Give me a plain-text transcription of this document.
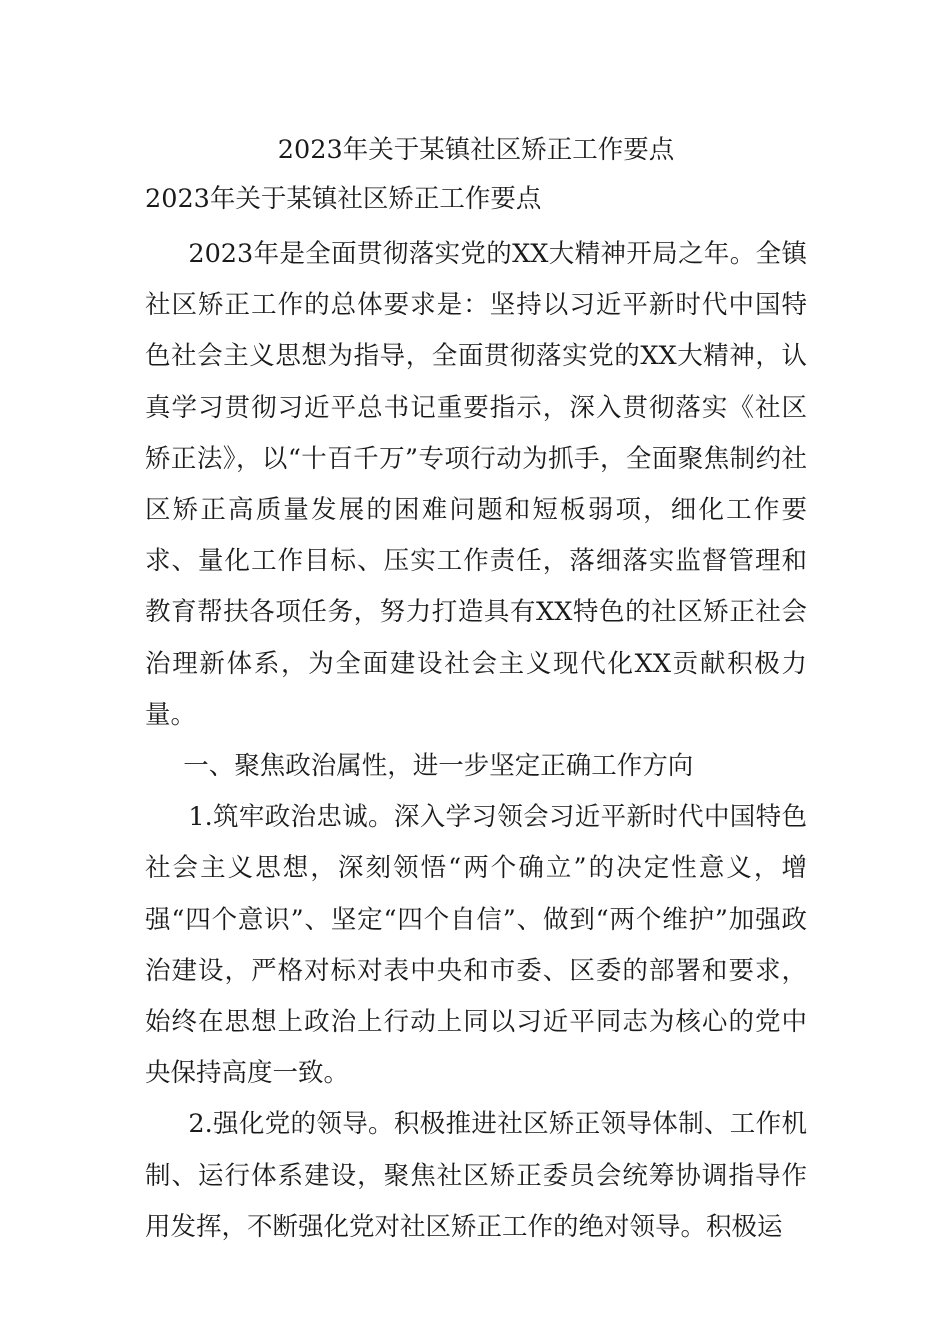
2023年关于某镇社区矫正工作要点
2023年关于某镇社区矫正工作要点

2023年是全面贯彻落实党的XX大精神开局之年。全镇社区矫正工作的总体要求是：坚持以习近平新时代中国特色社会主义思想为指导，全面贯彻落实党的XX大精神，认真学习贯彻习近平总书记重要指示，深入贯彻落实《社区矫正法》，以“十百千万”专项行动为抓手，全面聚焦制约社区矫正高质量发展的困难问题和短板弱项，细化工作要求、量化工作目标、压实工作责任，落细落实监督管理和教育帮扶各项任务，努力打造具有XX特色的社区矫正社会治理新体系，为全面建设社会主义现代化XX贡献积极力量。

一、聚焦政治属性，进一步坚定正确工作方向

1.筑牢政治忠诚。深入学习领会习近平新时代中国特色社会主义思想，深刻领悟“两个确立”的决定性意义，增强“四个意识”、坚定“四个自信”、做到“两个维护”加强政治建设，严格对标对表中央和市委、区委的部署和要求，始终在思想上政治上行动上同以习近平同志为核心的党中央保持高度一致。

2.强化党的领导。积极推进社区矫正领导体制、工作机制、运行体系建设，聚焦社区矫正委员会统筹协调指导作用发挥，不断强化党对社区矫正工作的绝对领导。积极运
